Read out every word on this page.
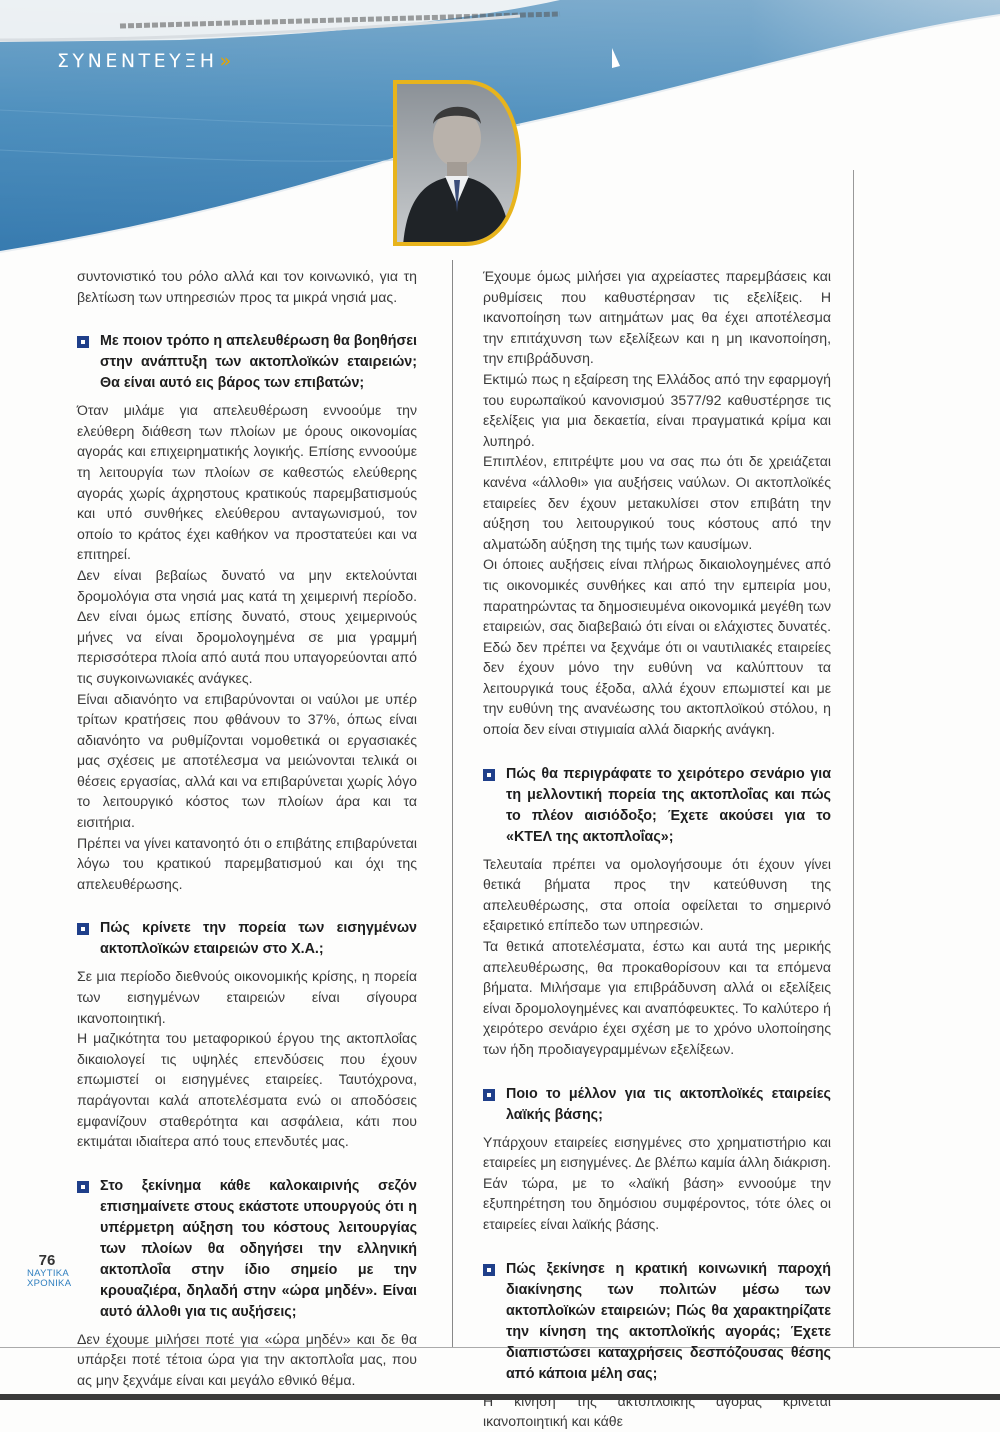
ΣΥΝΕΝΤΕΥΞΗ »

συντονιστικό του ρόλο αλλά και τον κοινωνικό, για τη βελτίωση των υπηρεσιών προς τα μικρά νησιά μας.

Με ποιον τρόπο η απελευθέρωση θα βοηθήσει στην ανάπτυξη των ακτοπλοϊκών εταιρειών; Θα είναι αυτό εις βάρος των επιβατών;

Όταν μιλάμε για απελευθέρωση εννοούμε την ελεύθερη διάθεση των πλοίων με όρους οικονομίας αγοράς και επιχειρηματικής λογικής. Επίσης εννοούμε τη λειτουργία των πλοίων σε καθεστώς ελεύθερης αγοράς χωρίς άχρηστους κρατικούς παρεμβατισμούς και υπό συνθήκες ελεύθερου ανταγωνισμού, τον οποίο το κράτος έχει καθήκον να προστατεύει και να επιτηρεί.

Δεν είναι βεβαίως δυνατό να μην εκτελούνται δρομολόγια στα νησιά μας κατά τη χειμερινή περίοδο. Δεν είναι όμως επίσης δυνατό, στους χειμερινούς μήνες να είναι δρομολογημένα σε μια γραμμή περισσότερα πλοία από αυτά που υπαγορεύονται από τις συγκοινωνιακές ανάγκες.

Είναι αδιανόητο να επιβαρύνονται οι ναύλοι με υπέρ τρίτων κρατήσεις που φθάνουν το 37%, όπως είναι αδιανόητο να ρυθμίζονται νομοθετικά οι εργασιακές μας σχέσεις με αποτέλεσμα να μειώνονται τελικά οι θέσεις εργασίας, αλλά και να επιβαρύνεται χωρίς λόγο το λειτουργικό κόστος των πλοίων άρα και τα εισιτήρια.

Πρέπει να γίνει κατανοητό ότι ο επιβάτης επιβαρύνεται λόγω του κρατικού παρεμβατισμού και όχι της απελευθέρωσης.

Πώς κρίνετε την πορεία των εισηγμένων ακτοπλοϊκών εταιρειών στο Χ.Α.;

Σε μια περίοδο διεθνούς οικονομικής κρίσης, η πορεία των εισηγμένων εταιρειών είναι σίγουρα ικανοποιητική.

Η μαζικότητα του μεταφορικού έργου της ακτοπλοΐας δικαιολογεί τις υψηλές επενδύσεις που έχουν επωμιστεί οι εισηγμένες εταιρείες. Ταυτόχρονα, παράγονται καλά αποτελέσματα ενώ οι αποδόσεις εμφανίζουν σταθερότητα και ασφάλεια, κάτι που εκτιμάται ιδιαίτερα από τους επενδυτές μας.

Στο ξεκίνημα κάθε καλοκαιρινής σεζόν επισημαίνετε στους εκάστοτε υπουργούς ότι η υπέρμετρη αύξηση του κόστους λειτουργίας των πλοίων θα οδηγήσει την ελληνική ακτοπλοΐα στην ίδιο σημείο με την κρουαζιέρα, δηλαδή στην «ώρα μηδέν». Είναι αυτό άλλοθι για τις αυξήσεις;

Δεν έχουμε μιλήσει ποτέ για «ώρα μηδέν» και δε θα υπάρξει ποτέ τέτοια ώρα για την ακτοπλοΐα μας, που ας μην ξεχνάμε είναι και μεγάλο εθνικό θέμα.

Έχουμε όμως μιλήσει για αχρείαστες παρεμβάσεις και ρυθμίσεις που καθυστέρησαν τις εξελίξεις. Η ικανοποίηση των αιτημάτων μας θα έχει αποτέλεσμα την επιτάχυνση των εξελίξεων και η μη ικανοποίηση, την επιβράδυνση.

Εκτιμώ πως η εξαίρεση της Ελλάδος από την εφαρμογή του ευρωπαϊκού κανονισμού 3577/92 καθυστέρησε τις εξελίξεις για μια δεκαετία, είναι πραγματικά κρίμα και λυπηρό.

Επιπλέον, επιτρέψτε μου να σας πω ότι δε χρειάζεται κανένα «άλλοθι» για αυξήσεις ναύλων. Οι ακτοπλοϊκές εταιρείες δεν έχουν μετακυλίσει στον επιβάτη την αύξηση του λειτουργικού τους κόστους από την αλματώδη αύξηση της τιμής των καυσίμων.

Οι όποιες αυξήσεις είναι πλήρως δικαιολογημένες από τις οικονομικές συνθήκες και από την εμπειρία μου, παρατηρώντας τα δημοσιευμένα οικονομικά μεγέθη των εταιρειών, σας διαβεβαιώ ότι είναι οι ελάχιστες δυνατές. Εδώ δεν πρέπει να ξεχνάμε ότι οι ναυτιλιακές εταιρείες δεν έχουν μόνο την ευθύνη να καλύπτουν τα λειτουργικά τους έξοδα, αλλά έχουν επωμιστεί και με την ευθύνη της ανανέωσης του ακτοπλοϊκού στόλου, η οποία δεν είναι στιγμιαία αλλά διαρκής ανάγκη.

Πώς θα περιγράφατε το χειρότερο σενάριο για τη μελλοντική πορεία της ακτοπλοΐας και πώς το πλέον αισιόδοξο; Έχετε ακούσει για το «ΚΤΕΛ της ακτοπλοΐας»;

Τελευταία πρέπει να ομολογήσουμε ότι έχουν γίνει θετικά βήματα προς την κατεύθυνση της απελευθέρωσης, στα οποία οφείλεται το σημερινό εξαιρετικό επίπεδο των υπηρεσιών.

Τα θετικά αποτελέσματα, έστω και αυτά της μερικής απελευθέρωσης, θα προκαθορίσουν και τα επόμενα βήματα. Μιλήσαμε για επιβράδυνση αλλά οι εξελίξεις είναι δρομολογημένες και αναπόφευκτες. Το καλύτερο ή χειρότερο σενάριο έχει σχέση με το χρόνο υλοποίησης των ήδη προδιαγεγραμμένων εξελίξεων.

Ποιο το μέλλον για τις ακτοπλοϊκές εταιρείες λαϊκής βάσης;

Υπάρχουν εταιρείες εισηγμένες στο χρηματιστήριο και εταιρείες μη εισηγμένες. Δε βλέπω καμία άλλη διάκριση. Εάν τώρα, με το «λαϊκή βάση» εννοούμε την εξυπηρέτηση του δημόσιου συμφέροντος, τότε όλες οι εταιρείες είναι λαϊκής βάσης.

Πώς ξεκίνησε η κρατική κοινωνική παροχή διακίνησης των πολιτών μέσω των ακτοπλοϊκών εταιρειών; Πώς θα χαρακτηρίζατε την κίνηση της ακτοπλοϊκής αγοράς; Έχετε διαπιστώσει καταχρήσεις δεσπόζουσας θέσης από κάποια μέλη σας;

Η κίνηση της ακτοπλοϊκής αγοράς κρίνεται ικανοποιητική και κάθε

76
ΝΑΥΤΙΚΑ
ΧΡΟΝΙΚΑ
